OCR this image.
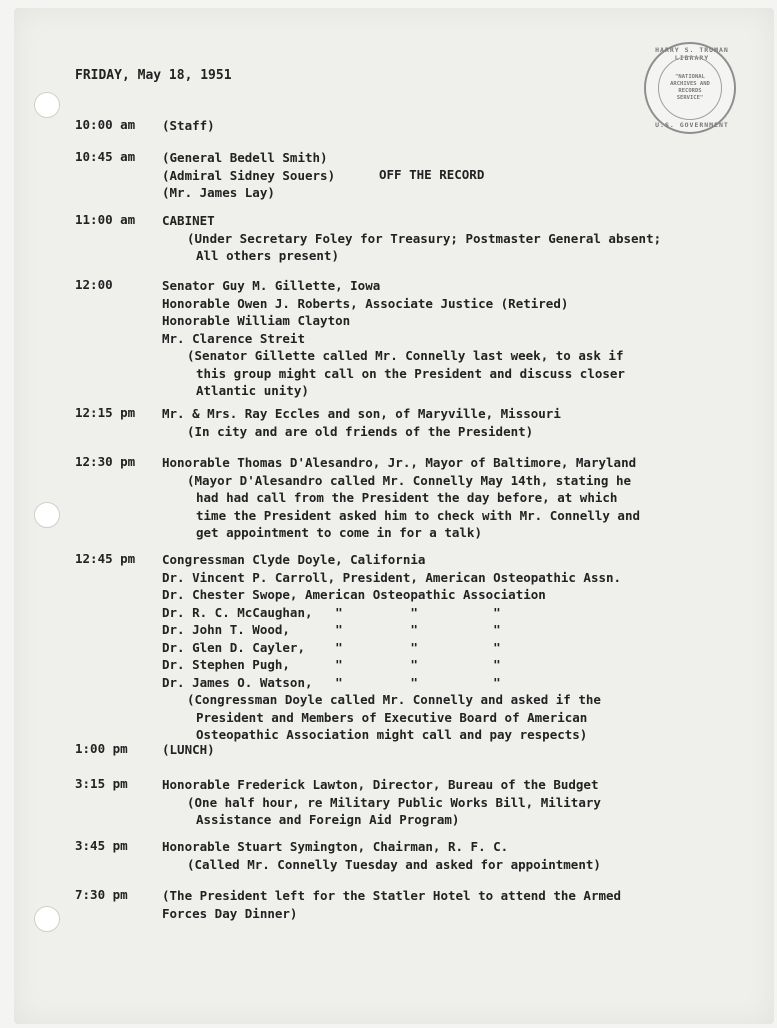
HARRY S. TRUMAN LIBRARY
"NATIONAL
ARCHIVES AND
RECORDS
SERVICE"
U.S. GOVERNMENT
FRIDAY, May 18, 1951
10:00 am	(Staff)
10:45 am	(General Bedell Smith)
(Admiral Sidney Souers)
(Mr. James Lay)
OFF THE RECORD
11:00 am	CABINET
(Under Secretary Foley for Treasury; Postmaster General absent;
All others present)
12:00	Senator Guy M. Gillette, Iowa
Honorable Owen J. Roberts, Associate Justice (Retired)
Honorable William Clayton
Mr. Clarence Streit
(Senator Gillette called Mr. Connelly last week, to ask if
this group might call on the President and discuss closer
Atlantic unity)
12:15 pm	Mr. & Mrs. Ray Eccles and son, of Maryville, Missouri
(In city and are old friends of the President)
12:30 pm	Honorable Thomas D'Alesandro, Jr., Mayor of Baltimore, Maryland
(Mayor D'Alesandro called Mr. Connelly May 14th, stating he
had had call from the President the day before, at which
time the President asked him to check with Mr. Connelly and
get appointment to come in for a talk)
12:45 pm	Congressman Clyde Doyle, California
Dr. Vincent P. Carroll, President, American Osteopathic Assn.
Dr. Chester Swope, American Osteopathic Association
Dr. R. C. McCaughan,   "         "          "
Dr. John T. Wood,      "         "          "
Dr. Glen D. Cayler,    "         "          "
Dr. Stephen Pugh,      "         "          "
Dr. James O. Watson,   "         "          "
(Congressman Doyle called Mr. Connelly and asked if the
President and Members of Executive Board of American
Osteopathic Association might call and pay respects)
1:00 pm	(LUNCH)
3:15 pm	Honorable Frederick Lawton, Director, Bureau of the Budget
(One half hour, re Military Public Works Bill, Military
Assistance and Foreign Aid Program)
3:45 pm	Honorable Stuart Symington, Chairman, R. F. C.
(Called Mr. Connelly Tuesday and asked for appointment)
7:30 pm	(The President left for the Statler Hotel to attend the Armed
Forces Day Dinner)
